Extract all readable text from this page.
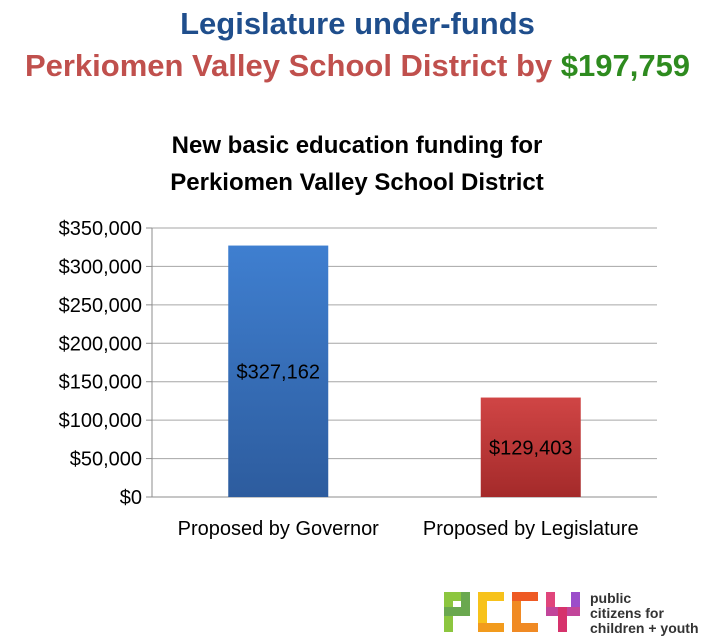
Legislature under-funds
Perkiomen Valley School District by $197,759
New basic education funding for
Perkiomen Valley School District
$0
$50,000
$100,000
$150,000
$200,000
$250,000
$300,000
$350,000
$327,162
$129,403
Proposed by Governor Proposed by Legislature
public
citizens for
children + youth
